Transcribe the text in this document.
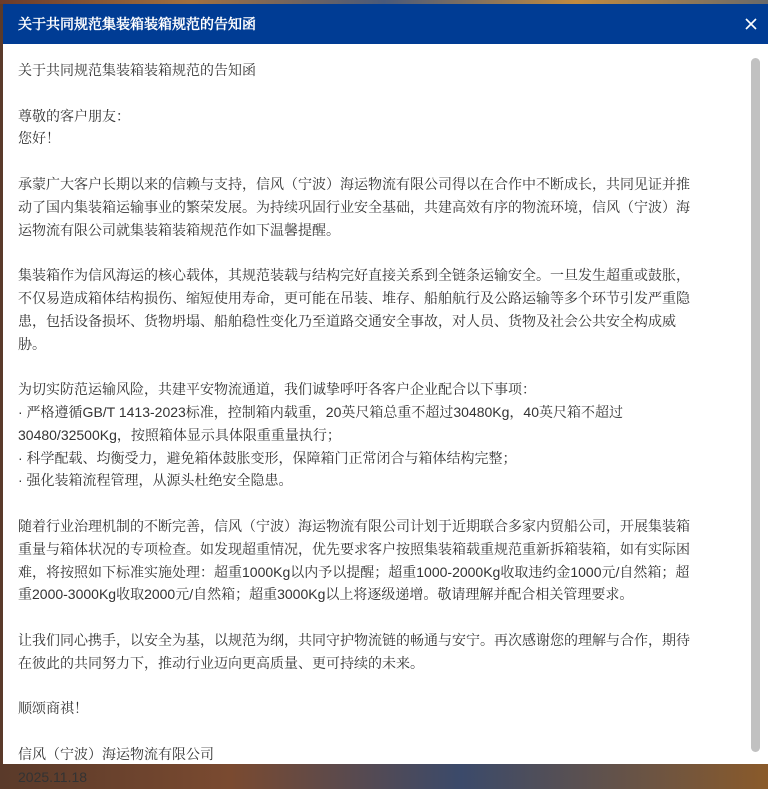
关于共同规范集装箱装箱规范的告知函

关于共同规范集装箱装箱规范的告知函

尊敬的客户朋友：

您好！

承蒙广大客户长期以来的信赖与支持，信风（宁波）海运物流有限公司得以在合作中不断成长，共同见证并推动了国内集装箱运输事业的繁荣发展。为持续巩固行业安全基础，共建高效有序的物流环境，信风（宁波）海运物流有限公司就集装箱装箱规范作如下温馨提醒。

集装箱作为信风海运的核心载体，其规范装载与结构完好直接关系到全链条运输安全。一旦发生超重或鼓胀，不仅易造成箱体结构损伤、缩短使用寿命，更可能在吊装、堆存、船舶航行及公路运输等多个环节引发严重隐患，包括设备损坏、货物坍塌、船舶稳性变化乃至道路交通安全事故，对人员、货物及社会公共安全构成威胁。

为切实防范运输风险，共建平安物流通道，我们诚挚呼吁各客户企业配合以下事项：

· 严格遵循GB/T 1413-2023标准，控制箱内载重，20英尺箱总重不超过30480Kg，40英尺箱不超过30480/32500Kg，按照箱体显示具体限重重量执行；

· 科学配载、均衡受力，避免箱体鼓胀变形，保障箱门正常闭合与箱体结构完整；

· 强化装箱流程管理，从源头杜绝安全隐患。

随着行业治理机制的不断完善，信风（宁波）海运物流有限公司计划于近期联合多家内贸船公司，开展集装箱重量与箱体状况的专项检查。如发现超重情况，优先要求客户按照集装箱载重规范重新拆箱装箱，如有实际困难，将按照如下标准实施处理：超重1000Kg以内予以提醒；超重1000-2000Kg收取违约金1000元/自然箱；超重2000-3000Kg收取2000元/自然箱；超重3000Kg以上将逐级递增。敬请理解并配合相关管理要求。

让我们同心携手，以安全为基，以规范为纲，共同守护物流链的畅通与安宁。再次感谢您的理解与合作，期待在彼此的共同努力下，推动行业迈向更高质量、更可持续的未来。

顺颂商祺！

信风（宁波）海运物流有限公司

2025.11.18
